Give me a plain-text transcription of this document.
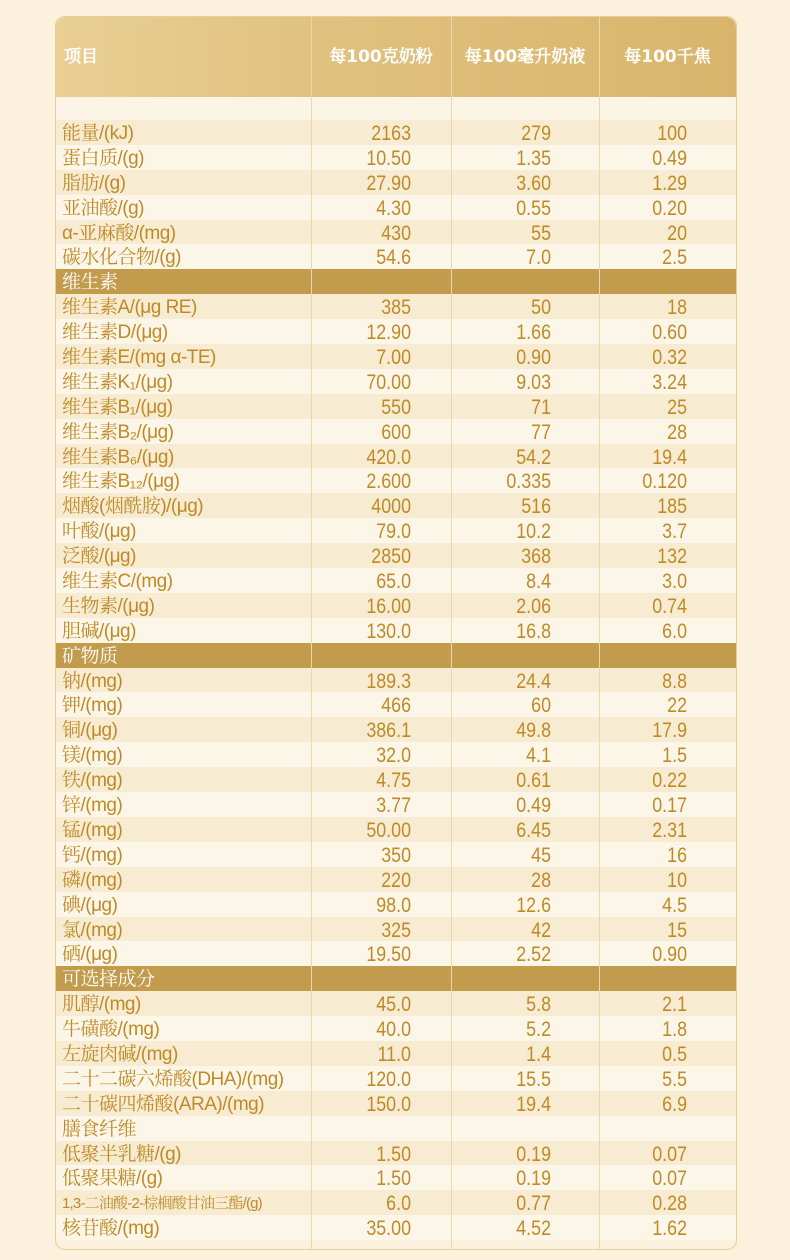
项目	每100克奶粉	每100毫升奶液	每100千焦
能量/(kJ)	2163	279	100
蛋白质/(g)	10.50	1.35	0.49
脂肪/(g)	27.90	3.60	1.29
亚油酸/(g)	4.30	0.55	0.20
α-亚麻酸/(mg)	430	55	20
碳水化合物/(g)	54.6	7.0	2.5
维生素
维生素A/(μg RE)	385	50	18
维生素D/(μg)	12.90	1.66	0.60
维生素E/(mg α-TE)	7.00	0.90	0.32
维生素K₁/(μg)	70.00	9.03	3.24
维生素B₁/(μg)	550	71	25
维生素B₂/(μg)	600	77	28
维生素B₆/(μg)	420.0	54.2	19.4
维生素B₁₂/(μg)	2.600	0.335	0.120
烟酸(烟酰胺)/(μg)	4000	516	185
叶酸/(μg)	79.0	10.2	3.7
泛酸/(μg)	2850	368	132
维生素C/(mg)	65.0	8.4	3.0
生物素/(μg)	16.00	2.06	0.74
胆碱/(μg)	130.0	16.8	6.0
矿物质
钠/(mg)	189.3	24.4	8.8
钾/(mg)	466	60	22
铜/(μg)	386.1	49.8	17.9
镁/(mg)	32.0	4.1	1.5
铁/(mg)	4.75	0.61	0.22
锌/(mg)	3.77	0.49	0.17
锰/(mg)	50.00	6.45	2.31
钙/(mg)	350	45	16
磷/(mg)	220	28	10
碘/(μg)	98.0	12.6	4.5
氯/(mg)	325	42	15
硒/(μg)	19.50	2.52	0.90
可选择成分
肌醇/(mg)	45.0	5.8	2.1
牛磺酸/(mg)	40.0	5.2	1.8
左旋肉碱/(mg)	11.0	1.4	0.5
二十二碳六烯酸(DHA)/(mg)	120.0	15.5	5.5
二十碳四烯酸(ARA)/(mg)	150.0	19.4	6.9
膳食纤维
低聚半乳糖/(g)	1.50	0.19	0.07
低聚果糖/(g)	1.50	0.19	0.07
1,3-二油酸-2-棕榈酸甘油三酯/(g)	6.0	0.77	0.28
核苷酸/(mg)	35.00	4.52	1.62
